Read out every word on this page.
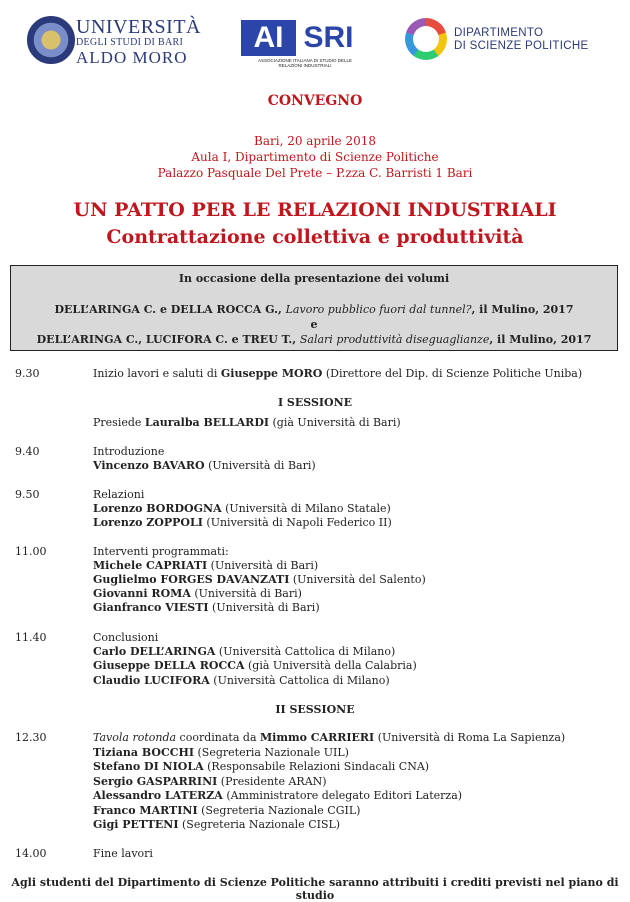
UNIVERSITÀ
DEGLI STUDI DI BARI
ALDO MORO
AI SRI
ASSOCIAZIONE ITALIANA DI STUDIO DELLE RELAZIONI INDUSTRIALI
DIPARTIMENTO
DI SCIENZE POLITICHE
CONVEGNO
Bari, 20 aprile 2018
Aula I, Dipartimento di Scienze Politiche
Palazzo Pasquale Del Prete – P.zza C. Barristi 1 Bari
UN PATTO PER LE RELAZIONI INDUSTRIALI
Contrattazione collettiva e produttività
In occasione della presentazione dei volumi
DELL’ARINGA C. e DELLA ROCCA G., Lavoro pubblico fuori dal tunnel?, il Mulino, 2017
e
DELL’ARINGA C., LUCIFORA C. e TREU T., Salari produttività diseguaglianze, il Mulino, 2017
9.30	Inizio lavori e saluti di Giuseppe MORO (Direttore del Dip. di Scienze Politiche Uniba)
I SESSIONE
Presiede Lauralba BELLARDI (già Università di Bari)
9.40	Introduzione
Vincenzo BAVARO (Università di Bari)
9.50	Relazioni
Lorenzo BORDOGNA (Università di Milano Statale)
Lorenzo ZOPPOLI (Università di Napoli Federico II)
11.00	Interventi programmati:
Michele CAPRIATI (Università di Bari)
Guglielmo FORGES DAVANZATI (Università del Salento)
Giovanni ROMA (Università di Bari)
Gianfranco VIESTI (Università di Bari)
11.40	Conclusioni
Carlo DELL’ARINGA (Università Cattolica di Milano)
Giuseppe DELLA ROCCA (già Università della Calabria)
Claudio LUCIFORA (Università Cattolica di Milano)
II SESSIONE
12.30	Tavola rotonda coordinata da Mimmo CARRIERI (Università di Roma La Sapienza)
Tiziana BOCCHI (Segreteria Nazionale UIL)
Stefano DI NIOLA (Responsabile Relazioni Sindacali CNA)
Sergio GASPARRINI (Presidente ARAN)
Alessandro LATERZA (Amministratore delegato Editori Laterza)
Franco MARTINI (Segreteria Nazionale CGIL)
Gigi PETTENI (Segreteria Nazionale CISL)
14.00	Fine lavori
Agli studenti del Dipartimento di Scienze Politiche saranno attribuiti i crediti previsti nel piano di studio
